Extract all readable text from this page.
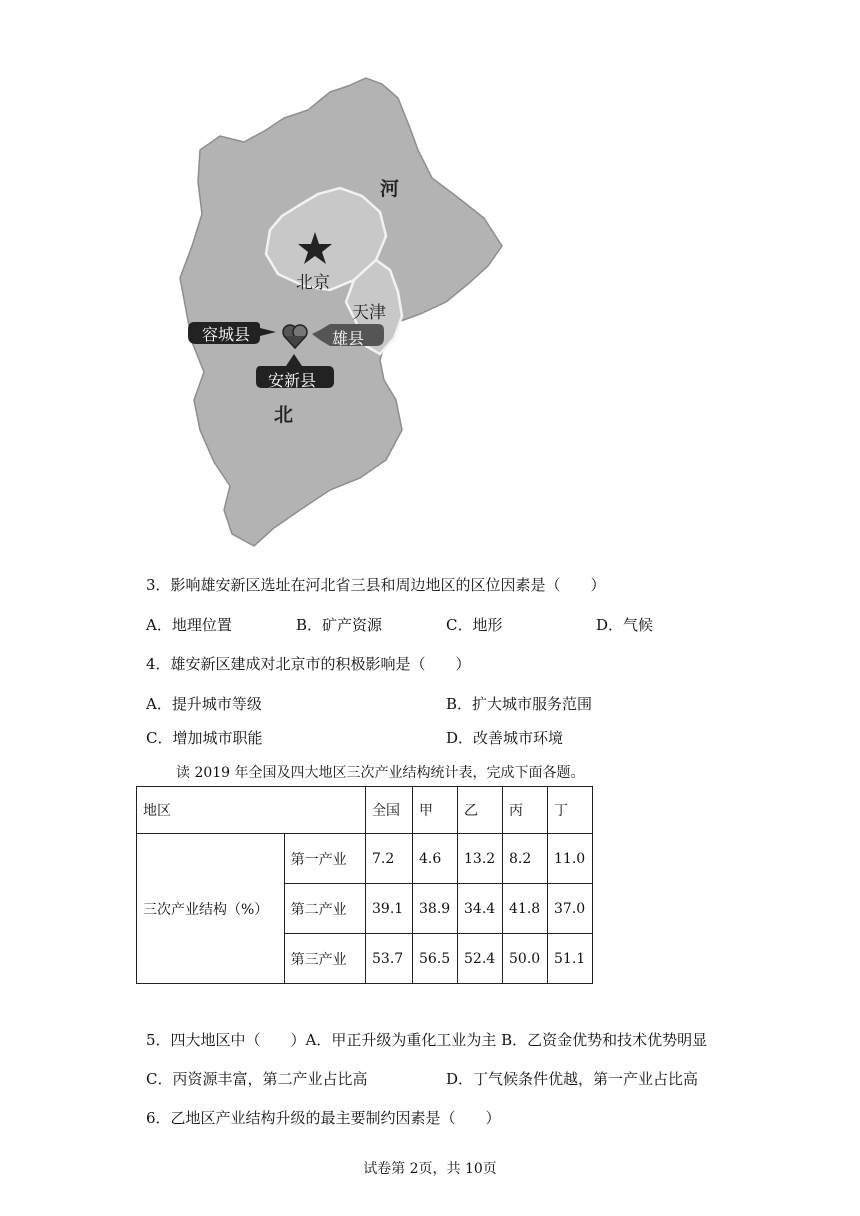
河
北京
天津
容城县	雄县
安新县
北
3．影响雄安新区选址在河北省三县和周边地区的区位因素是（　　）
A．地理位置	B．矿产资源	C．地形	D．气候
4．雄安新区建成对北京市的积极影响是（　　）
A．提升城市等级	B．扩大城市服务范围
C．增加城市职能	D．改善城市环境
读 2019 年全国及四大地区三次产业结构统计表，完成下面各题。
地区		全国	甲	乙	丙	丁
三次产业结构（%）	第一产业	7.2	4.6	13.2	8.2	11.0
	第二产业	39.1	38.9	34.4	41.8	37.0
	第三产业	53.7	56.5	52.4	50.0	51.1
5．四大地区中（　　）A．甲正升级为重化工业为主 B．乙资金优势和技术优势明显
C．丙资源丰富，第二产业占比高	D．丁气候条件优越，第一产业占比高
6．乙地区产业结构升级的最主要制约因素是（　　）
试卷第 2页，共 10页
